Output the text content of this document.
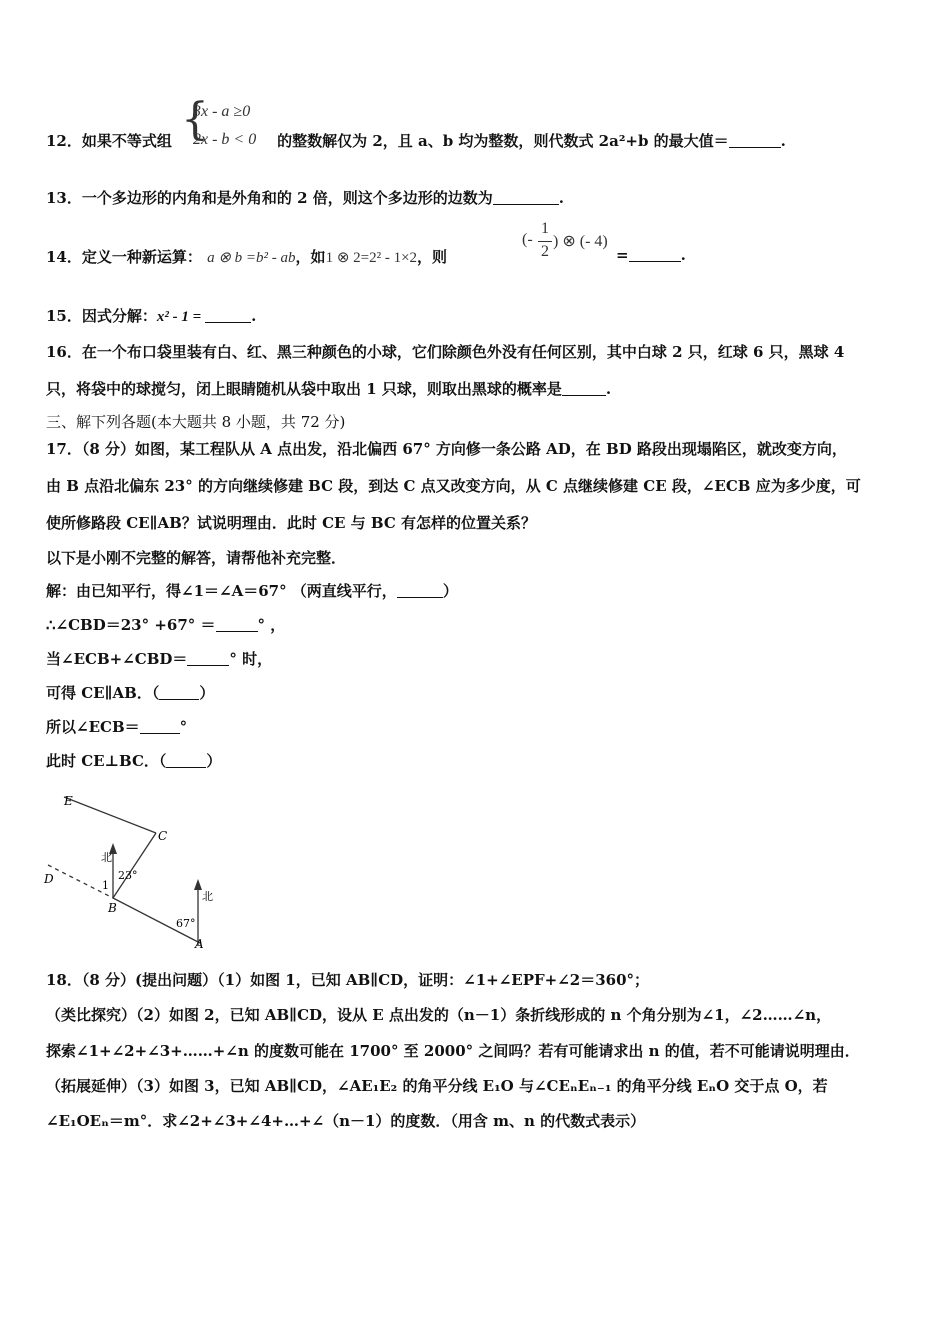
12．如果不等式组	的整数解仅为 2，且 a、b 均为整数，则代数式 2a²+b 的最大值＝	.
{
3x - a ≥0
2x - b < 0
13．一个多边形的内角和是外角和的 2 倍，则这个多边形的边数为	.
14．定义一种新运算： a ⊗ b =b² - ab，如1 ⊗ 2=2² - 1×2，则
(-
1
2
) ⊗ (- 4)
=	.
15．因式分解：x² - 1 =	.
16．在一个布口袋里装有白、红、黑三种颜色的小球，它们除颜色外没有任何区别，其中白球 2 只，红球 6 只，黑球 4
只，将袋中的球搅匀，闭上眼睛随机从袋中取出 1 只球，则取出黑球的概率是	.
三、解下列各题(本大题共 8 小题，共 72 分)
17．（8 分）如图，某工程队从 A 点出发，沿北偏西 67° 方向修一条公路 AD，在 BD 路段出现塌陷区，就改变方向，
由 B 点沿北偏东 23° 的方向继续修建 BC 段，到达 C 点又改变方向，从 C 点继续修建 CE 段，∠ECB 应为多少度，可
使所修路段 CE∥AB？试说明理由．此时 CE 与 BC 有怎样的位置关系？
以下是小刚不完整的解答，请帮他补充完整．
解：由已知平行，得∠1＝∠A＝67° （两直线平行，	）
∴∠CBD＝23° +67° ＝	° ，
当∠ECB+∠CBD＝	° 时，
可得 CE∥AB．（	）
所以∠ECB＝	°
此时 CE⊥BC．（	）
E
C
D
B
A
北
北
23°
67°
1
18．（8 分）(提出问题）（1）如图 1，已知 AB∥CD，证明：∠1+∠EPF+∠2＝360°；
（类比探究）（2）如图 2，已知 AB∥CD，设从 E 点出发的（n－1）条折线形成的 n 个角分别为∠1，∠2……∠n，
探索∠1+∠2+∠3+……+∠n 的度数可能在 1700° 至 2000° 之间吗？若有可能请求出 n 的值，若不可能请说明理由．
（拓展延伸）（3）如图 3，已知 AB∥CD，∠AE₁E₂ 的角平分线 E₁O 与∠CEₙEₙ₋₁ 的角平分线 EₙO 交于点 O，若
∠E₁OEₙ＝m°．求∠2+∠3+∠4+…+∠（n－1）的度数．（用含 m、n 的代数式表示）
